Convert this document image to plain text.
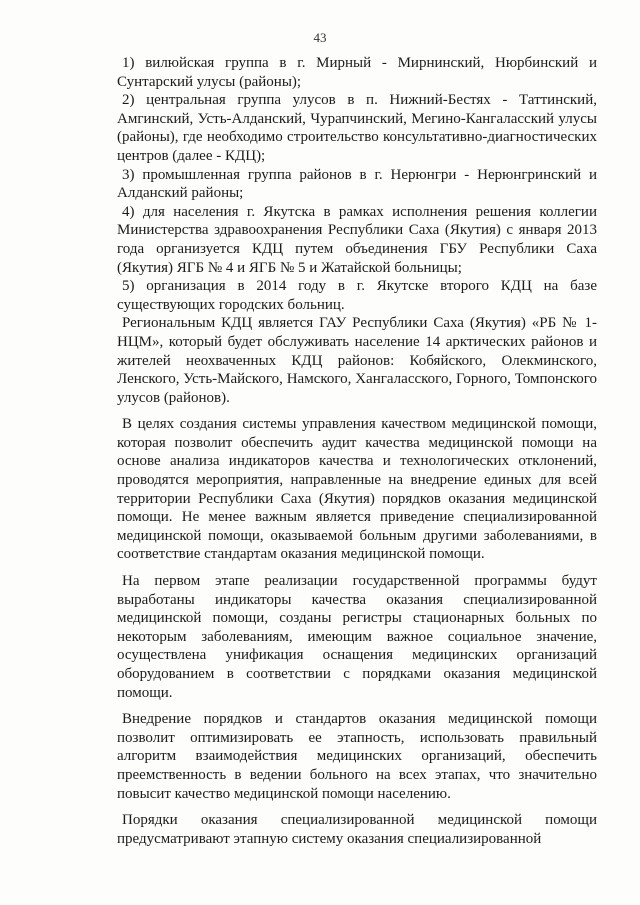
43

1) вилюйская группа в г. Мирный - Мирнинский, Нюрбинский и Сунтарский улусы (районы);

2) центральная группа улусов в п. Нижний-Бестях - Таттинский, Амгинский, Усть-Алданский, Чурапчинский, Мегино-Кангаласский улусы (районы), где необходимо строительство консультативно-диагностических центров (далее - КДЦ);

3) промышленная группа районов в г. Нерюнгри - Нерюнгринский и Алданский районы;

4) для населения г. Якутска в рамках исполнения решения коллегии Министерства здравоохранения Республики Саха (Якутия) с января 2013 года организуется КДЦ путем объединения ГБУ Республики Саха (Якутия) ЯГБ № 4 и ЯГБ № 5 и Жатайской больницы;

5) организация в 2014 году в г. Якутске второго КДЦ на базе существующих городских больниц.

Региональным КДЦ является ГАУ Республики Саха (Якутия) «РБ № 1-НЦМ», который будет обслуживать население 14 арктических районов и жителей неохваченных КДЦ районов: Кобяйского, Олекминского, Ленского, Усть-Майского, Намского, Хангаласского, Горного, Томпонского улусов (районов).

В целях создания системы управления качеством медицинской помощи, которая позволит обеспечить аудит качества медицинской помощи на основе анализа индикаторов качества и технологических отклонений, проводятся мероприятия, направленные на внедрение единых для всей территории Республики Саха (Якутия) порядков оказания медицинской помощи. Не менее важным является приведение специализированной медицинской помощи, оказываемой больным другими заболеваниями, в соответствие стандартам оказания медицинской помощи.

На первом этапе реализации государственной программы будут выработаны индикаторы качества оказания специализированной медицинской помощи, созданы регистры стационарных больных по некоторым заболеваниям, имеющим важное социальное значение, осуществлена унификация оснащения медицинских организаций оборудованием в соответствии с порядками оказания медицинской помощи.

Внедрение порядков и стандартов оказания медицинской помощи позволит оптимизировать ее этапность, использовать правильный алгоритм взаимодействия медицинских организаций, обеспечить преемственность в ведении больного на всех этапах, что значительно повысит качество медицинской помощи населению.

Порядки оказания специализированной медицинской помощи предусматривают этапную систему оказания специализированной
